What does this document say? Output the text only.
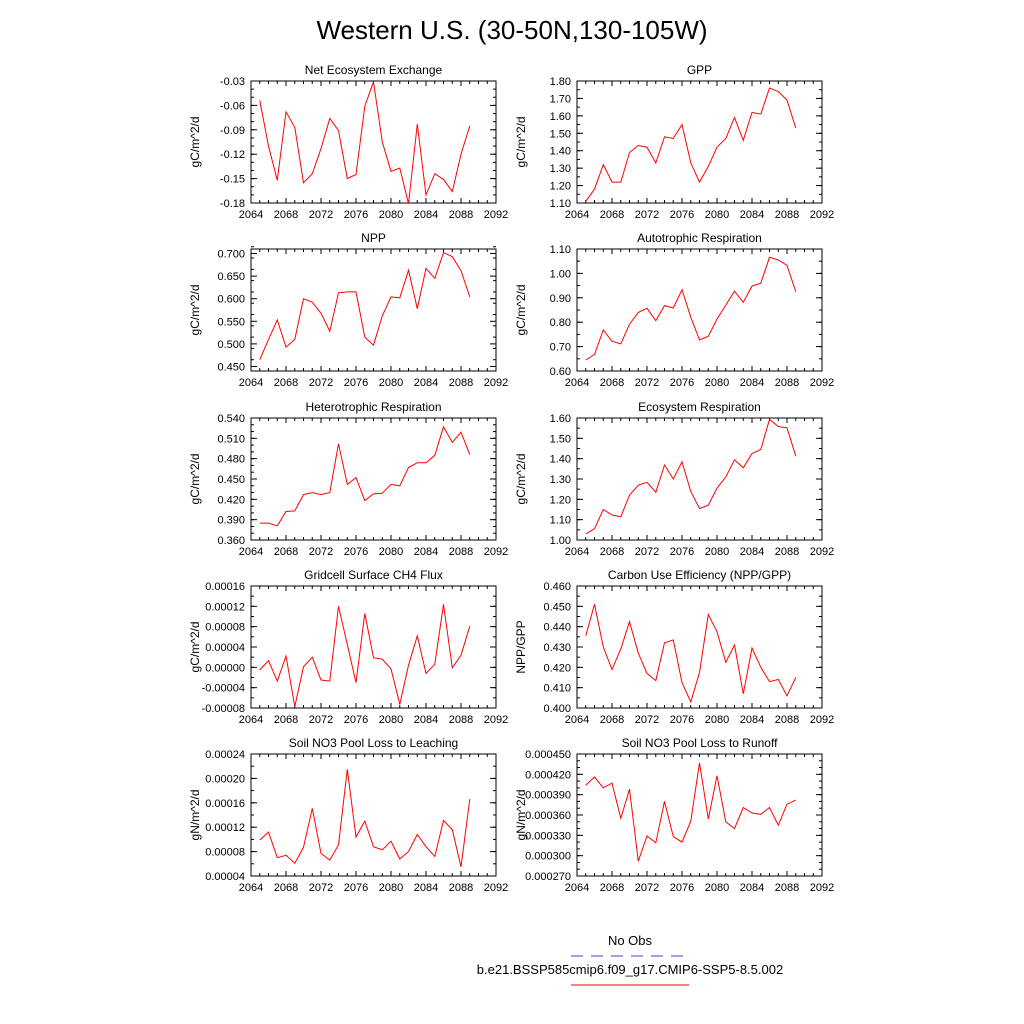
Western U.S. (30-50N,130-105W)
Net Ecosystem Exchange
gC/m^2/d
2064 2068 2072 2076 2080 2084 2088 2092
-0.18
-0.15
-0.12
-0.09
-0.06
-0.03
GPP
gC/m^2/d
2064 2068 2072 2076 2080 2084 2088 2092
1.10
1.20
1.30
1.40
1.50
1.60
1.70
1.80
NPP
gC/m^2/d
2064 2068 2072 2076 2080 2084 2088 2092
0.450
0.500
0.550
0.600
0.650
0.700
Autotrophic Respiration
gC/m^2/d
2064 2068 2072 2076 2080 2084 2088 2092
0.60
0.70
0.80
0.90
1.00
1.10
Heterotrophic Respiration
gC/m^2/d
2064 2068 2072 2076 2080 2084 2088 2092
0.360
0.390
0.420
0.450
0.480
0.510
0.540
Ecosystem Respiration
gC/m^2/d
2064 2068 2072 2076 2080 2084 2088 2092
1.00
1.10
1.20
1.30
1.40
1.50
1.60
Gridcell Surface CH4 Flux
gC/m^2/d
2064 2068 2072 2076 2080 2084 2088 2092
-0.00008
-0.00004
0.00000
0.00004
0.00008
0.00012
0.00016
Carbon Use Efficiency (NPP/GPP)
NPP/GPP
2064 2068 2072 2076 2080 2084 2088 2092
0.400
0.410
0.420
0.430
0.440
0.450
0.460
Soil NO3 Pool Loss to Leaching
gN/m^2/d
2064 2068 2072 2076 2080 2084 2088 2092
0.00004
0.00008
0.00012
0.00016
0.00020
0.00024
Soil NO3 Pool Loss to Runoff
gN/m^2/d
2064 2068 2072 2076 2080 2084 2088 2092
0.000270
0.000300
0.000330
0.000360
0.000390
0.000420
0.000450
No Obs
b.e21.BSSP585cmip6.f09_g17.CMIP6-SSP5-8.5.002
